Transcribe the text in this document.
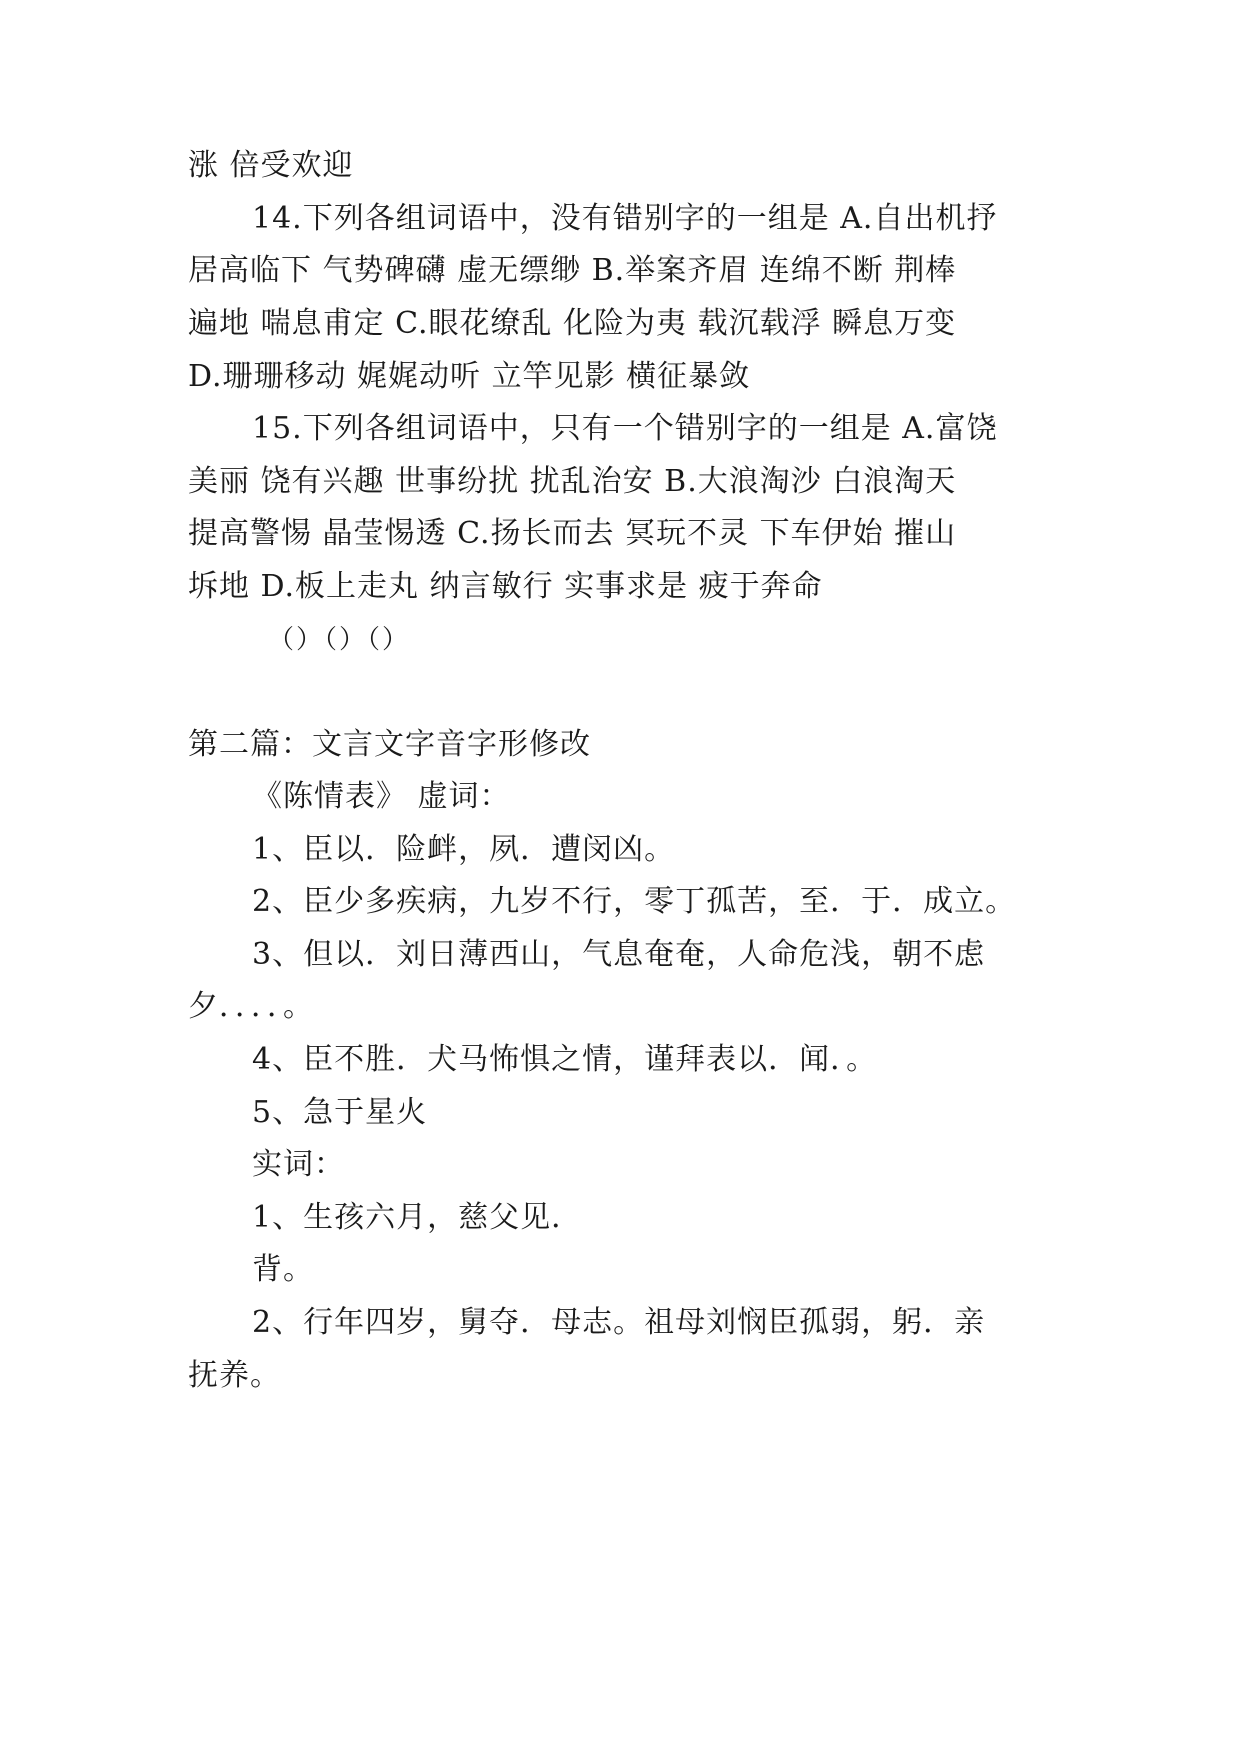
涨 倍受欢迎
14.下列各组词语中，没有错别字的一组是 A.自出机抒
居高临下 气势碑礴 虚无缥缈 B.举案齐眉 连绵不断 荆棒
遍地 喘息甫定 C.眼花缭乱 化险为夷 载沉载浮 瞬息万变
D.珊珊移动 娓娓动听 立竿见影 横征暴敛
15.下列各组词语中，只有一个错别字的一组是 A.富饶
美丽 饶有兴趣 世事纷扰 扰乱治安 B.大浪淘沙 白浪淘天
提高警惕 晶莹惕透 C.扬长而去 冥玩不灵 下车伊始 摧山
坼地 D.板上走丸 纳言敏行 实事求是 疲于奔命
（）（）（）
第二篇：文言文字音字形修改
《陈情表》 虚词：
1、臣以．险衅，夙．遭闵凶。
2、臣少多疾病，九岁不行，零丁孤苦，至．于．成立。
3、但以．刘日薄西山，气息奄奄，人命危浅，朝不虑
夕．．．．。
4、臣不胜．犬马怖惧之情，谨拜表以．闻．。
5、急于星火
实词：
1、生孩六月，慈父见．
背。
2、行年四岁，舅夺．母志。祖母刘悯臣孤弱，躬．亲
抚养。
